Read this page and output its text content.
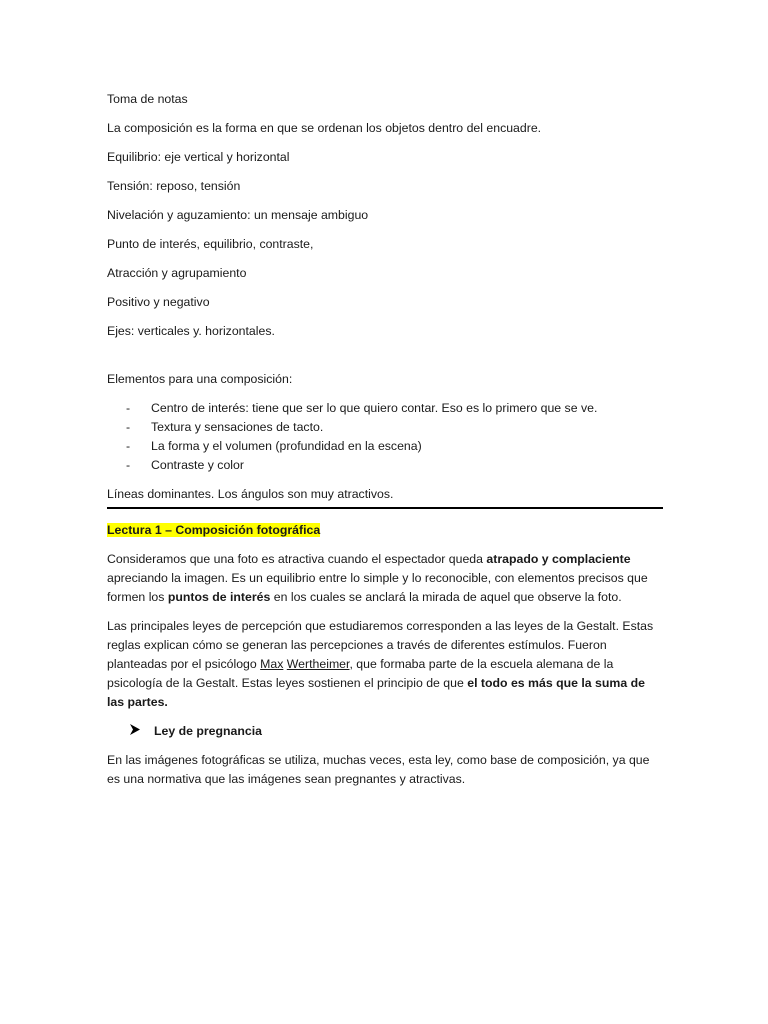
Toma de notas

La composición es la forma en que se ordenan los objetos dentro del encuadre.

Equilibrio: eje vertical y horizontal

Tensión: reposo, tensión

Nivelación y aguzamiento: un mensaje ambiguo

Punto de interés, equilibrio, contraste,

Atracción y agrupamiento

Positivo y negativo

Ejes: verticales y. horizontales.

Elementos para una composición:

-	Centro de interés: tiene que ser lo que quiero contar. Eso es lo primero que se ve.
-	Textura y sensaciones de tacto.
-	La forma y el volumen (profundidad en la escena)
-	Contraste y color

Líneas dominantes. Los ángulos son muy atractivos.

Lectura 1 – Composición fotográfica

Consideramos que una foto es atractiva cuando el espectador queda atrapado y complaciente apreciando la imagen. Es un equilibrio entre lo simple y lo reconocible, con elementos precisos que formen los puntos de interés en los cuales se anclará la mirada de aquel que observe la foto.

Las principales leyes de percepción que estudiaremos corresponden a las leyes de la Gestalt. Estas reglas explican cómo se generan las percepciones a través de diferentes estímulos. Fueron planteadas por el psicólogo Max Wertheimer, que formaba parte de la escuela alemana de la psicología de la Gestalt. Estas leyes sostienen el principio de que el todo es más que la suma de las partes.

Ley de pregnancia

En las imágenes fotográficas se utiliza, muchas veces, esta ley, como base de composición, ya que es una normativa que las imágenes sean pregnantes y atractivas.
